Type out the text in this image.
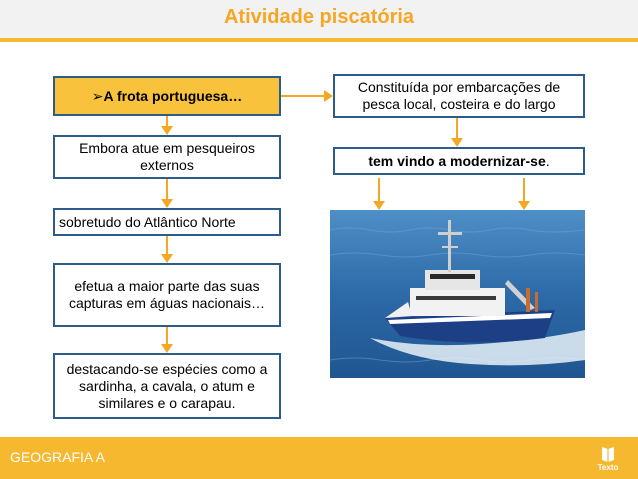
Atividade piscatória
➢ A frota portuguesa…
Embora atue em pesqueiros externos
sobretudo do Atlântico Norte
efetua a maior parte das suas capturas em águas nacionais…
destacando-se espécies como a sardinha, a cavala, o atum e similares e o carapau.
Constituída por embarcações de pesca local, costeira e do largo
tem vindo a modernizar-se.
GEOGRAFIA A
Texto
